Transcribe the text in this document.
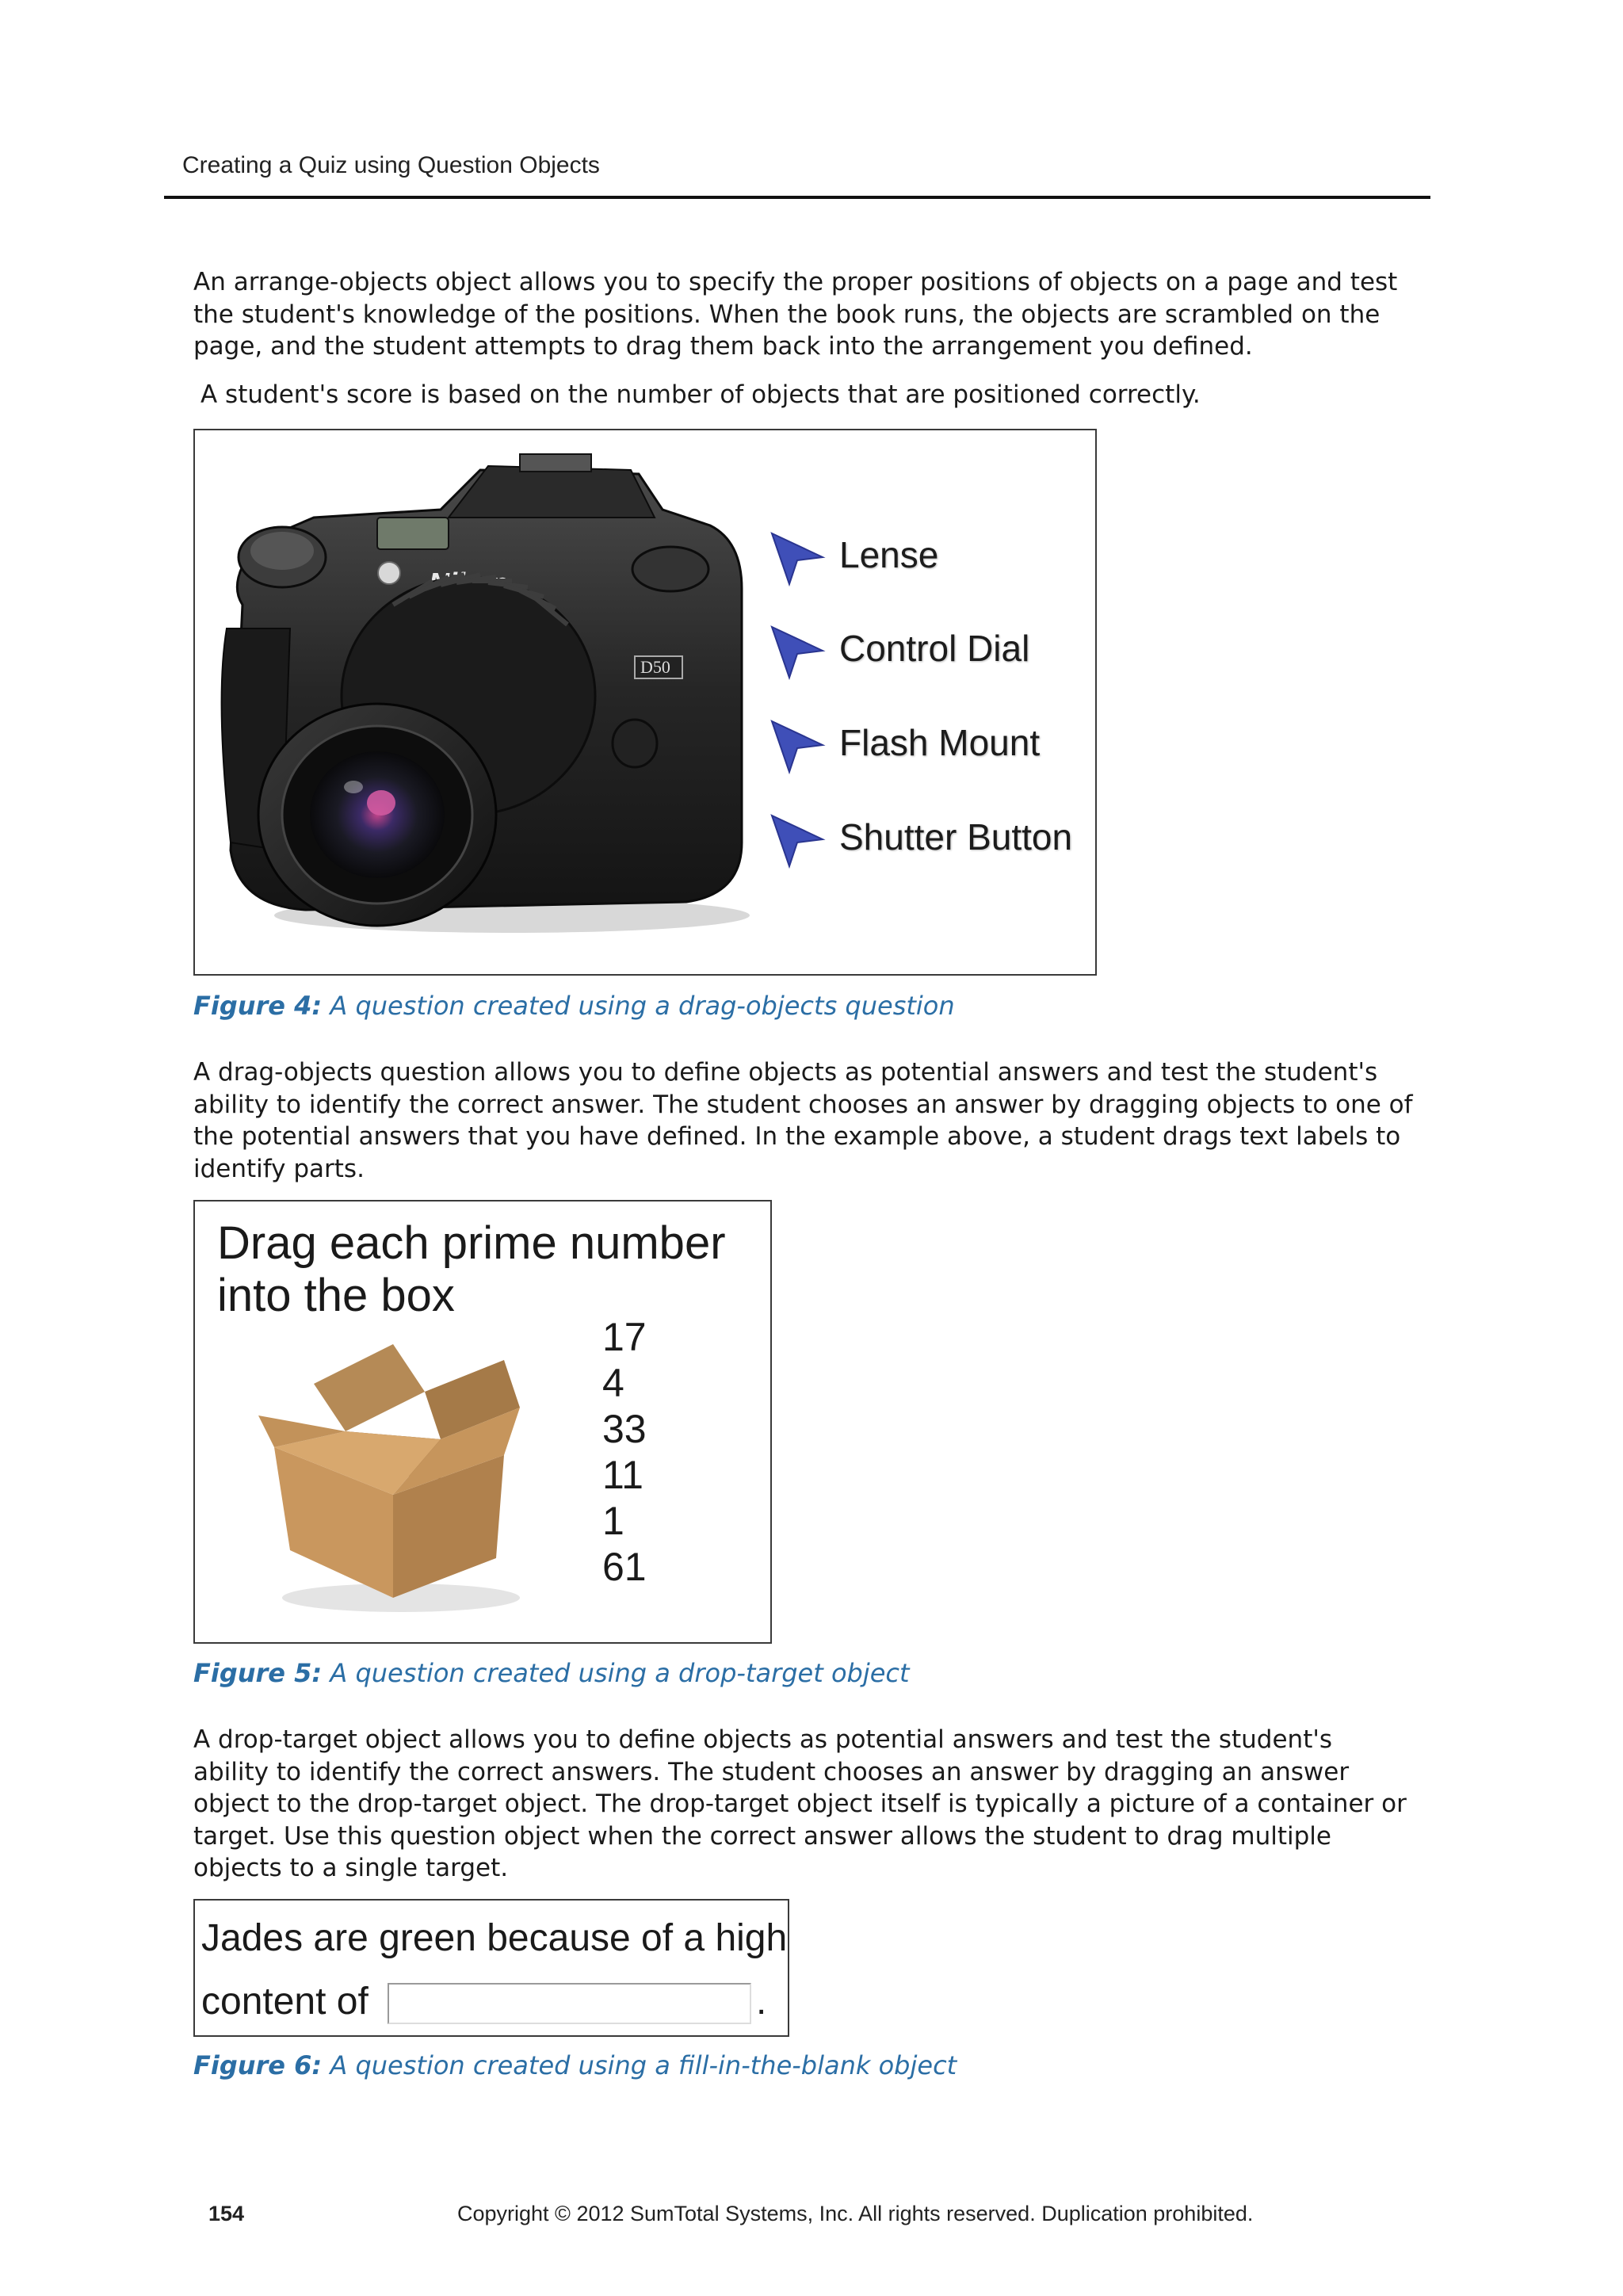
Creating a Quiz using Question Objects

An arrange-objects object allows you to specify the proper positions of objects on a page and test the student's knowledge of the positions. When the book runs, the objects are scrambled on the page, and the student attempts to drag them back into the arrangement you defined.

A student's score is based on the number of objects that are positioned correctly.

D50
Lense
Control Dial
Flash Mount
Shutter Button

Figure 4: A question created using a drag-objects question

A drag-objects question allows you to define objects as potential answers and test the student's ability to identify the correct answer. The student chooses an answer by dragging objects to one of the potential answers that you have defined. In the example above, a student drags text labels to identify parts.

Drag each prime number into the box
17
4
33
11
1
61

Figure 5: A question created using a drop-target object

A drop-target object allows you to define objects as potential answers and test the student's ability to identify the correct answers. The student chooses an answer by dragging an answer object to the drop-target object. The drop-target object itself is typically a picture of a container or target. Use this question object when the correct answer allows the student to drag multiple objects to a single target.

Jades are green because of a high
content of	.

Figure 6: A question created using a fill-in-the-blank object

154	Copyright © 2012 SumTotal Systems, Inc. All rights reserved. Duplication prohibited.
